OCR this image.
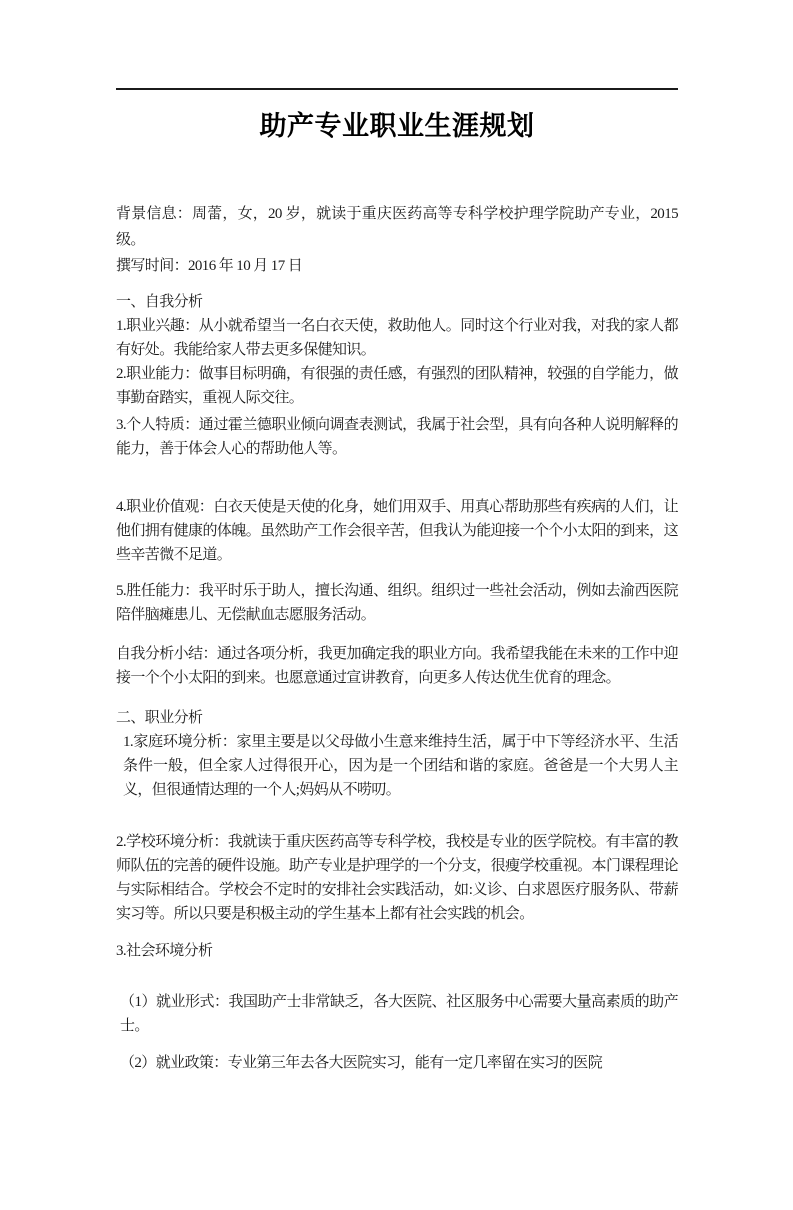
助产专业职业生涯规划

背景信息：周蕾，女，20 岁，就读于重庆医药高等专科学校护理学院助产专业，2015 级。

撰写时间：2016 年 10 月 17 日

一、自我分析

1.职业兴趣：从小就希望当一名白衣天使，救助他人。同时这个行业对我，对我的家人都有好处。我能给家人带去更多保健知识。

2.职业能力：做事目标明确，有很强的责任感，有强烈的团队精神，较强的自学能力，做事勤奋踏实，重视人际交往。

3.个人特质：通过霍兰德职业倾向调查表测试，我属于社会型，具有向各种人说明解释的能力，善于体会人心的帮助他人等。

4.职业价值观：白衣天使是天使的化身，她们用双手、用真心帮助那些有疾病的人们，让他们拥有健康的体魄。虽然助产工作会很辛苦，但我认为能迎接一个个小太阳的到来，这些辛苦微不足道。

5.胜任能力：我平时乐于助人，擅长沟通、组织。组织过一些社会活动，例如去渝西医院陪伴脑瘫患儿、无偿献血志愿服务活动。

自我分析小结：通过各项分析，我更加确定我的职业方向。我希望我能在未来的工作中迎接一个个小太阳的到来。也愿意通过宣讲教育，向更多人传达优生优育的理念。

二、职业分析

1.家庭环境分析：家里主要是以父母做小生意来维持生活，属于中下等经济水平、生活条件一般，但全家人过得很开心，因为是一个团结和谐的家庭。爸爸是一个大男人主义，但很通情达理的一个人;妈妈从不唠叨。

2.学校环境分析：我就读于重庆医药高等专科学校，我校是专业的医学院校。有丰富的教师队伍的完善的硬件设施。助产专业是护理学的一个分支，很瘦学校重视。本门课程理论与实际相结合。学校会不定时的安排社会实践活动，如:义诊、白求恩医疗服务队、带薪实习等。所以只要是积极主动的学生基本上都有社会实践的机会。

3.社会环境分析

（1）就业形式：我国助产士非常缺乏，各大医院、社区服务中心需要大量高素质的助产士。

（2）就业政策：专业第三年去各大医院实习，能有一定几率留在实习的医院
